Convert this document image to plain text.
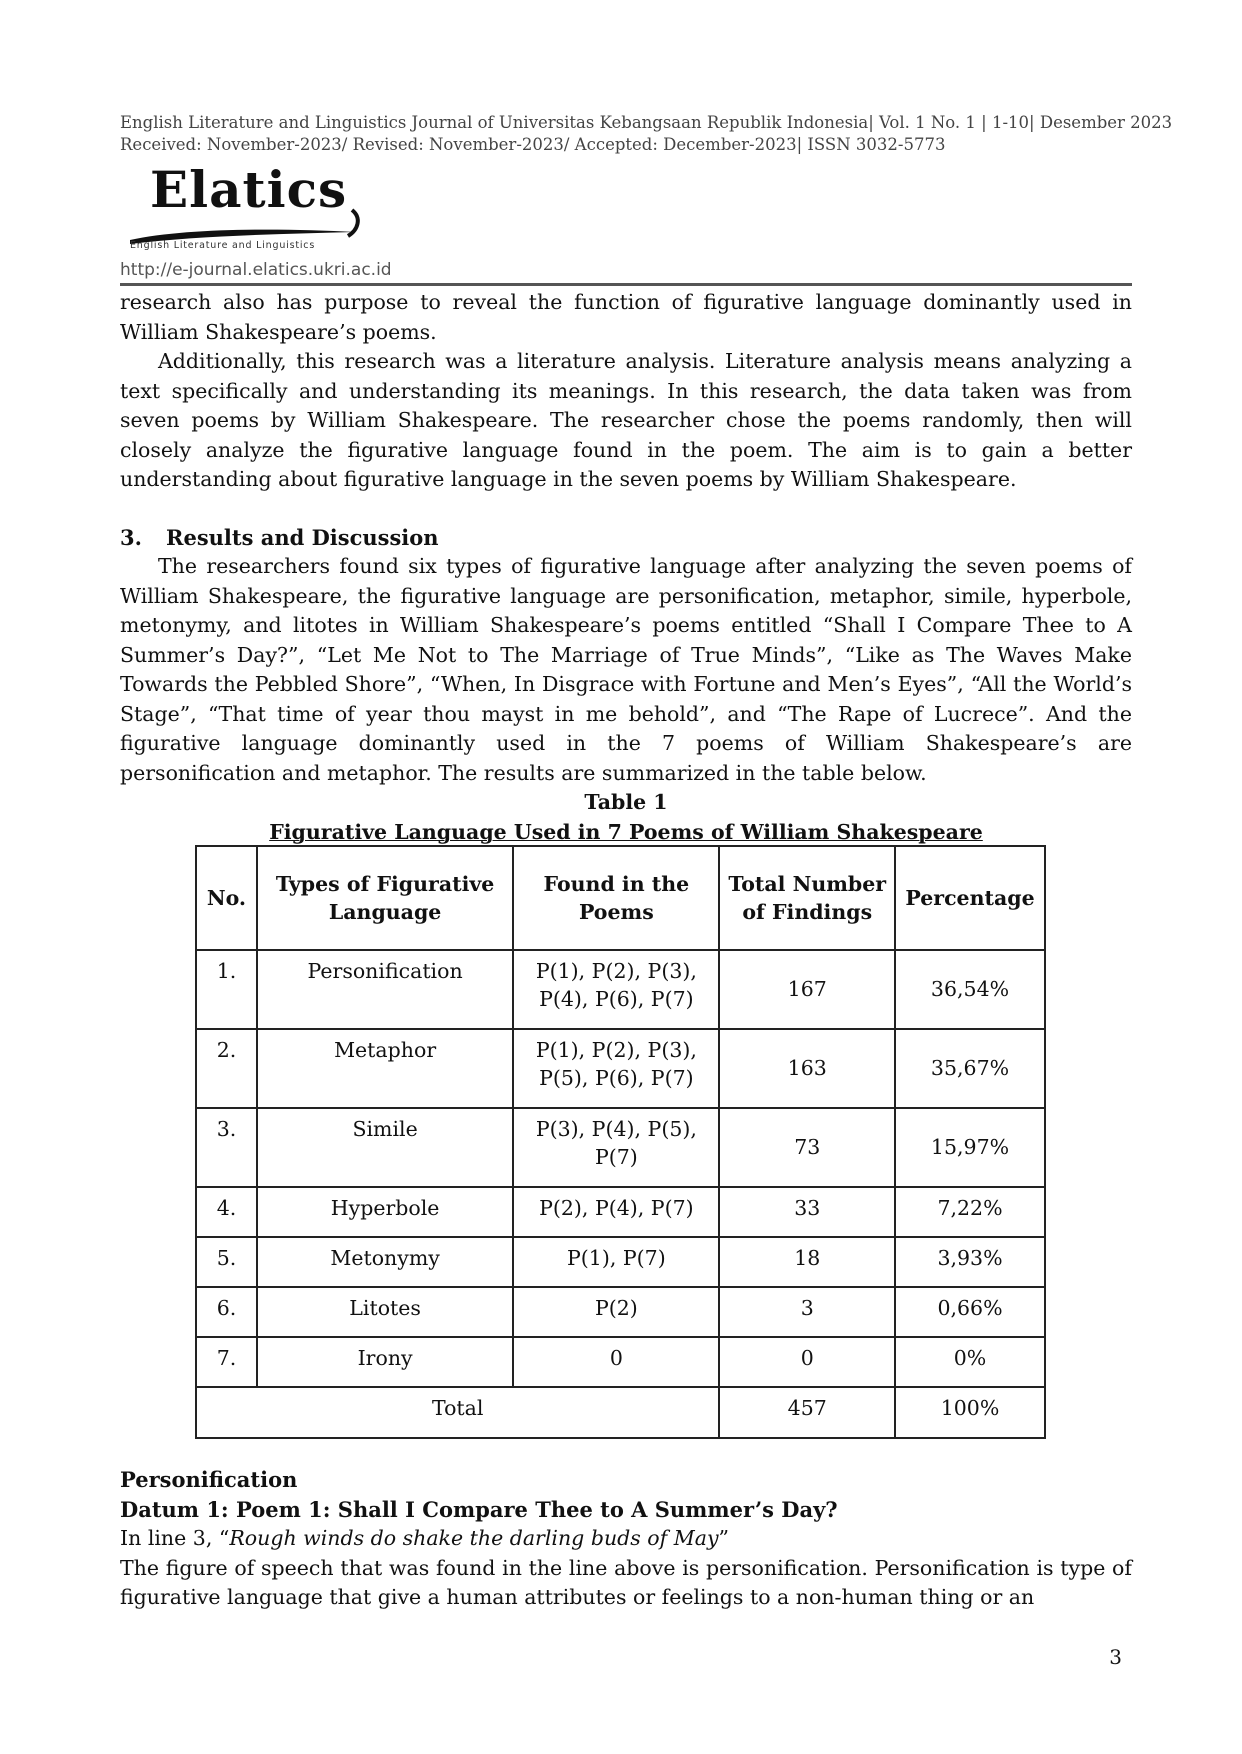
English Literature and Linguistics Journal of Universitas Kebangsaan Republik Indonesia| Vol. 1 No. 1 | 1-10| Desember 2023
Received: November-2023/ Revised: November-2023/ Accepted: December-2023| ISSN 3032-5773
Elatics
English Literature and Linguistics
http://e-journal.elatics.ukri.ac.id

research also has purpose to reveal the function of figurative language dominantly used in William Shakespeare’s poems.

Additionally, this research was a literature analysis. Literature analysis means analyzing a text specifically and understanding its meanings. In this research, the data taken was from seven poems by William Shakespeare. The researcher chose the poems randomly, then will closely analyze the figurative language found in the poem. The aim is to gain a better understanding about figurative language in the seven poems by William Shakespeare.

3. Results and Discussion

The researchers found six types of figurative language after analyzing the seven poems of William Shakespeare, the figurative language are personification, metaphor, simile, hyperbole, metonymy, and litotes in William Shakespeare’s poems entitled “Shall I Compare Thee to A Summer’s Day?”, “Let Me Not to The Marriage of True Minds”, “Like as The Waves Make Towards the Pebbled Shore”, “When, In Disgrace with Fortune and Men’s Eyes”, “All the World’s Stage”, “That time of year thou mayst in me behold”, and “The Rape of Lucrece”. And the figurative language dominantly used in the 7 poems of William Shakespeare’s are personification and metaphor. The results are summarized in the table below.

Table 1
Figurative Language Used in 7 Poems of William Shakespeare
No.	Types of Figurative Language	Found in the Poems	Total Number of Findings	Percentage
1.	Personification	P(1), P(2), P(3), P(4), P(6), P(7)	167	36,54%
2.	Metaphor	P(1), P(2), P(3), P(5), P(6), P(7)	163	35,67%
3.	Simile	P(3), P(4), P(5), P(7)	73	15,97%
4.	Hyperbole	P(2), P(4), P(7)	33	7,22%
5.	Metonymy	P(1), P(7)	18	3,93%
6.	Litotes	P(2)	3	0,66%
7.	Irony	0	0	0%
Total			457	100%

Personification

Datum 1: Poem 1: Shall I Compare Thee to A Summer’s Day?

In line 3, “Rough winds do shake the darling buds of May”

The figure of speech that was found in the line above is personification. Personification is type of figurative language that give a human attributes or feelings to a non-human thing or an

3
